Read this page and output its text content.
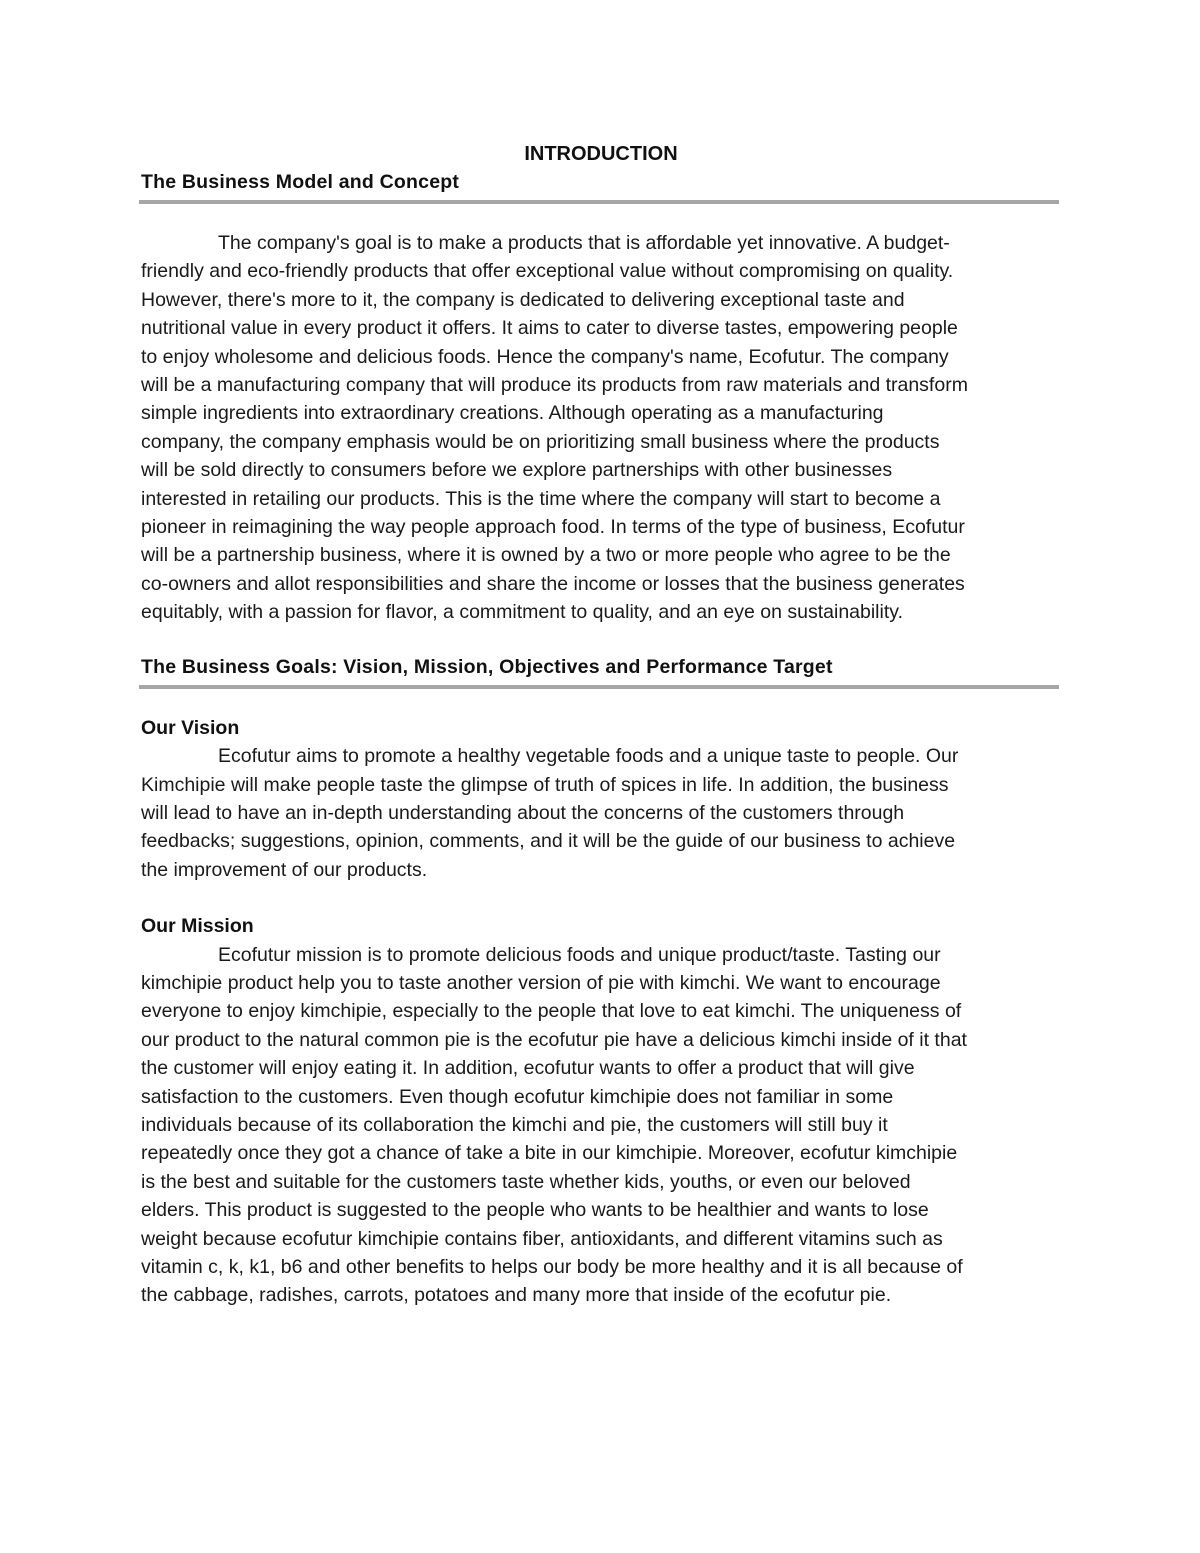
INTRODUCTION
The Business Model and Concept
The company's goal is to make a products that is affordable yet innovative. A budget-
friendly and eco-friendly products that offer exceptional value without compromising on quality.
However, there's more to it, the company is dedicated to delivering exceptional taste and
nutritional value in every product it offers. It aims to cater to diverse tastes, empowering people
to enjoy wholesome and delicious foods. Hence the company's name, Ecofutur. The company
will be a manufacturing company that will produce its products from raw materials and transform
simple ingredients into extraordinary creations. Although operating as a manufacturing
company, the company emphasis would be on prioritizing small business where the products
will be sold directly to consumers before we explore partnerships with other businesses
interested in retailing our products. This is the time where the company will start to become a
pioneer in reimagining the way people approach food. In terms of the type of business, Ecofutur
will be a partnership business, where it is owned by a two or more people who agree to be the
co-owners and allot responsibilities and share the income or losses that the business generates
equitably, with a passion for flavor, a commitment to quality, and an eye on sustainability.
The Business Goals: Vision, Mission, Objectives and Performance Target
Our Vision
Ecofutur aims to promote a healthy vegetable foods and a unique taste to people. Our
Kimchipie will make people taste the glimpse of truth of spices in life. In addition, the business
will lead to have an in-depth understanding about the concerns of the customers through
feedbacks; suggestions, opinion, comments, and it will be the guide of our business to achieve
the improvement of our products.
Our Mission
Ecofutur mission is to promote delicious foods and unique product/taste. Tasting our
kimchipie product help you to taste another version of pie with kimchi. We want to encourage
everyone to enjoy kimchipie, especially to the people that love to eat kimchi. The uniqueness of
our product to the natural common pie is the ecofutur pie have a delicious kimchi inside of it that
the customer will enjoy eating it. In addition, ecofutur wants to offer a product that will give
satisfaction to the customers. Even though ecofutur kimchipie does not familiar in some
individuals because of its collaboration the kimchi and pie, the customers will still buy it
repeatedly once they got a chance of take a bite in our kimchipie. Moreover, ecofutur kimchipie
is the best and suitable for the customers taste whether kids, youths, or even our beloved
elders. This product is suggested to the people who wants to be healthier and wants to lose
weight because ecofutur kimchipie contains fiber, antioxidants, and different vitamins such as
vitamin c, k, k1, b6 and other benefits to helps our body be more healthy and it is all because of
the cabbage, radishes, carrots, potatoes and many more that inside of the ecofutur pie.
